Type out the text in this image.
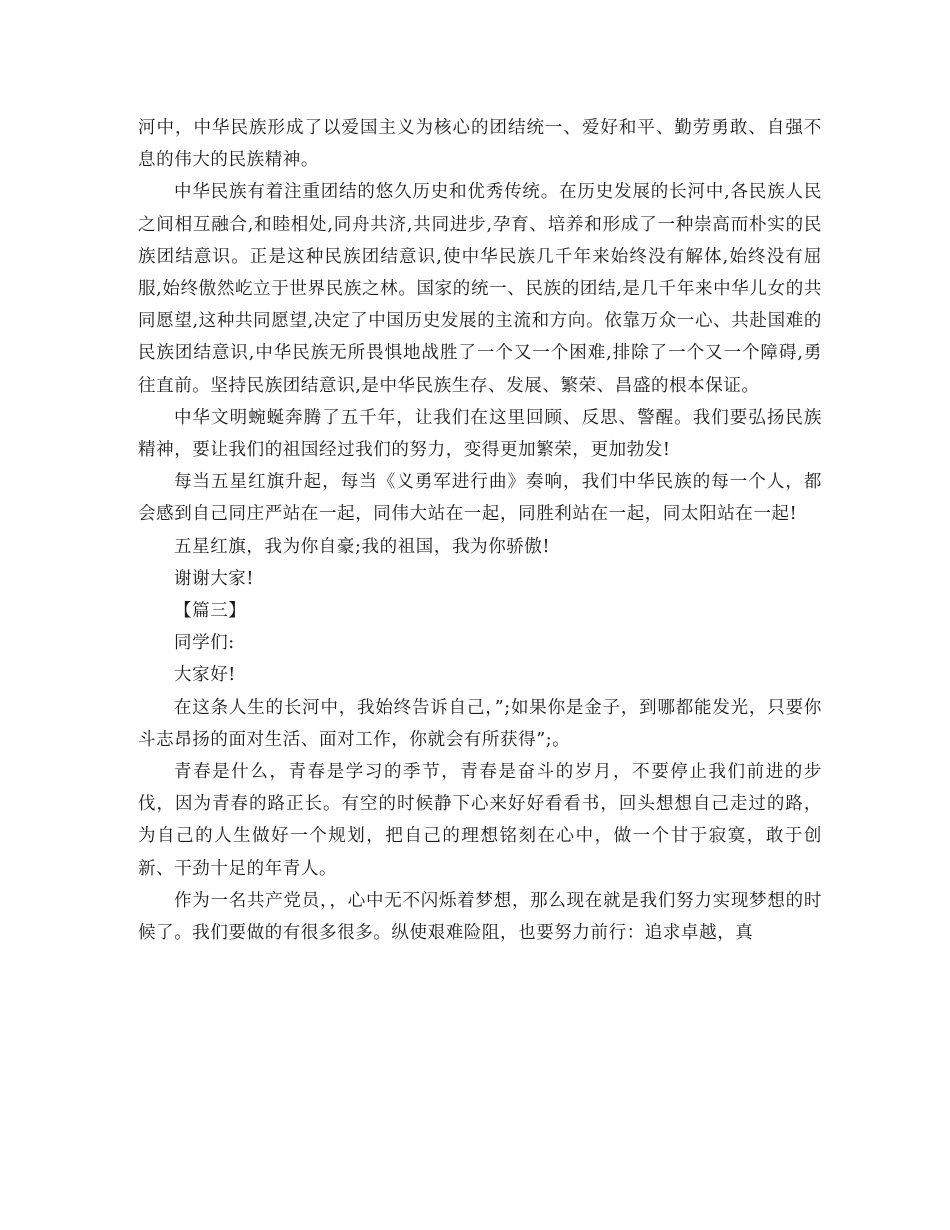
河中，中华民族形成了以爱国主义为核心的团结统一、爱好和平、勤劳勇敢、自强不息的伟大的民族精神。

中华民族有着注重团结的悠久历史和优秀传统。在历史发展的长河中,各民族人民之间相互融合,和睦相处,同舟共济,共同进步,孕育、培养和形成了一种崇高而朴实的民族团结意识。正是这种民族团结意识,使中华民族几千年来始终没有解体,始终没有屈服,始终傲然屹立于世界民族之林。国家的统一、民族的团结,是几千年来中华儿女的共同愿望,这种共同愿望,决定了中国历史发展的主流和方向。依靠万众一心、共赴国难的民族团结意识,中华民族无所畏惧地战胜了一个又一个困难,排除了一个又一个障碍,勇往直前。坚持民族团结意识,是中华民族生存、发展、繁荣、昌盛的根本保证。

中华文明蜿蜒奔腾了五千年，让我们在这里回顾、反思、警醒。我们要弘扬民族精神，要让我们的祖国经过我们的努力，变得更加繁荣，更加勃发!

每当五星红旗升起，每当《义勇军进行曲》奏响，我们中华民族的每一个人，都会感到自己同庄严站在一起，同伟大站在一起，同胜利站在一起，同太阳站在一起!

五星红旗，我为你自豪;我的祖国，我为你骄傲!

谢谢大家!

【篇三】

同学们:

大家好!

在这条人生的长河中，我始终告诉自己，”;如果你是金子，到哪都能发光，只要你斗志昂扬的面对生活、面对工作，你就会有所获得”;。

青春是什么，青春是学习的季节，青春是奋斗的岁月，不要停止我们前进的步伐，因为青春的路正长。有空的时候静下心来好好看看书，回头想想自己走过的路，为自己的人生做好一个规划，把自己的理想铭刻在心中，做一个甘于寂寞，敢于创新、干劲十足的年青人。

作为一名共产党员，，心中无不闪烁着梦想，那么现在就是我们努力实现梦想的时候了。我们要做的有很多很多。纵使艰难险阻，也要努力前行：追求卓越，真
